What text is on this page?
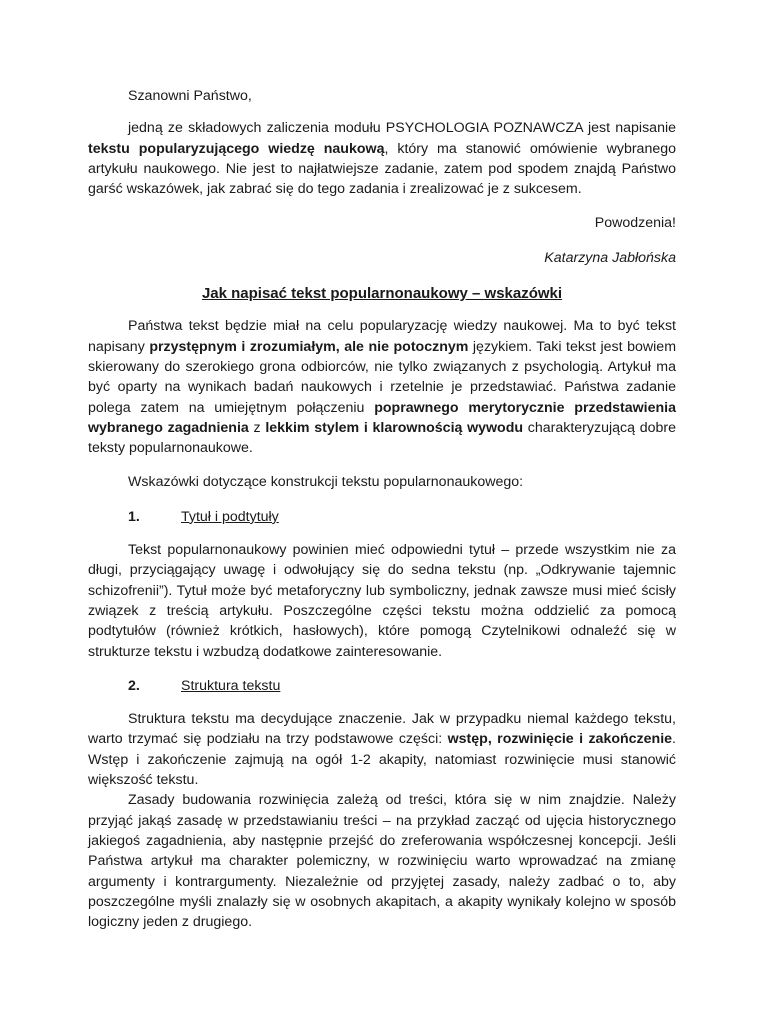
Szanowni Państwo,

jedną ze składowych zaliczenia modułu PSYCHOLOGIA POZNAWCZA jest napisanie tekstu popularyzującego wiedzę naukową, który ma stanowić omówienie wybranego artykułu naukowego. Nie jest to najłatwiejsze zadanie, zatem pod spodem znajdą Państwo garść wskazówek, jak zabrać się do tego zadania i zrealizować je z sukcesem.

Powodzenia!

Katarzyna Jabłońska

Jak napisać tekst popularnonaukowy – wskazówki

Państwa tekst będzie miał na celu popularyzację wiedzy naukowej. Ma to być tekst napisany przystępnym i zrozumiałym, ale nie potocznym językiem. Taki tekst jest bowiem skierowany do szerokiego grona odbiorców, nie tylko związanych z psychologią. Artykuł ma być oparty na wynikach badań naukowych i rzetelnie je przedstawiać. Państwa zadanie polega zatem na umiejętnym połączeniu poprawnego merytorycznie przedstawienia wybranego zagadnienia z lekkim stylem i klarownością wywodu charakteryzującą dobre teksty popularnonaukowe.

Wskazówki dotyczące konstrukcji tekstu popularnonaukowego:

1.	Tytuł i podtytuły

Tekst popularnonaukowy powinien mieć odpowiedni tytuł – przede wszystkim nie za długi, przyciągający uwagę i odwołujący się do sedna tekstu (np. „Odkrywanie tajemnic schizofrenii”). Tytuł może być metaforyczny lub symboliczny, jednak zawsze musi mieć ścisły związek z treścią artykułu. Poszczególne części tekstu można oddzielić za pomocą podtytułów (również krótkich, hasłowych), które pomogą Czytelnikowi odnaleźć się w strukturze tekstu i wzbudzą dodatkowe zainteresowanie.

2.	Struktura tekstu

Struktura tekstu ma decydujące znaczenie. Jak w przypadku niemal każdego tekstu, warto trzymać się podziału na trzy podstawowe części: wstęp, rozwinięcie i zakończenie. Wstęp i zakończenie zajmują na ogół 1-2 akapity, natomiast rozwinięcie musi stanowić większość tekstu.

Zasady budowania rozwinięcia zależą od treści, która się w nim znajdzie. Należy przyjąć jakąś zasadę w przedstawianiu treści – na przykład zacząć od ujęcia historycznego jakiegoś zagadnienia, aby następnie przejść do zreferowania współczesnej koncepcji. Jeśli Państwa artykuł ma charakter polemiczny, w rozwinięciu warto wprowadzać na zmianę argumenty i kontrargumenty. Niezależnie od przyjętej zasady, należy zadbać o to, aby poszczególne myśli znalazły się w osobnych akapitach, a akapity wynikały kolejno w sposób logiczny jeden z drugiego.
